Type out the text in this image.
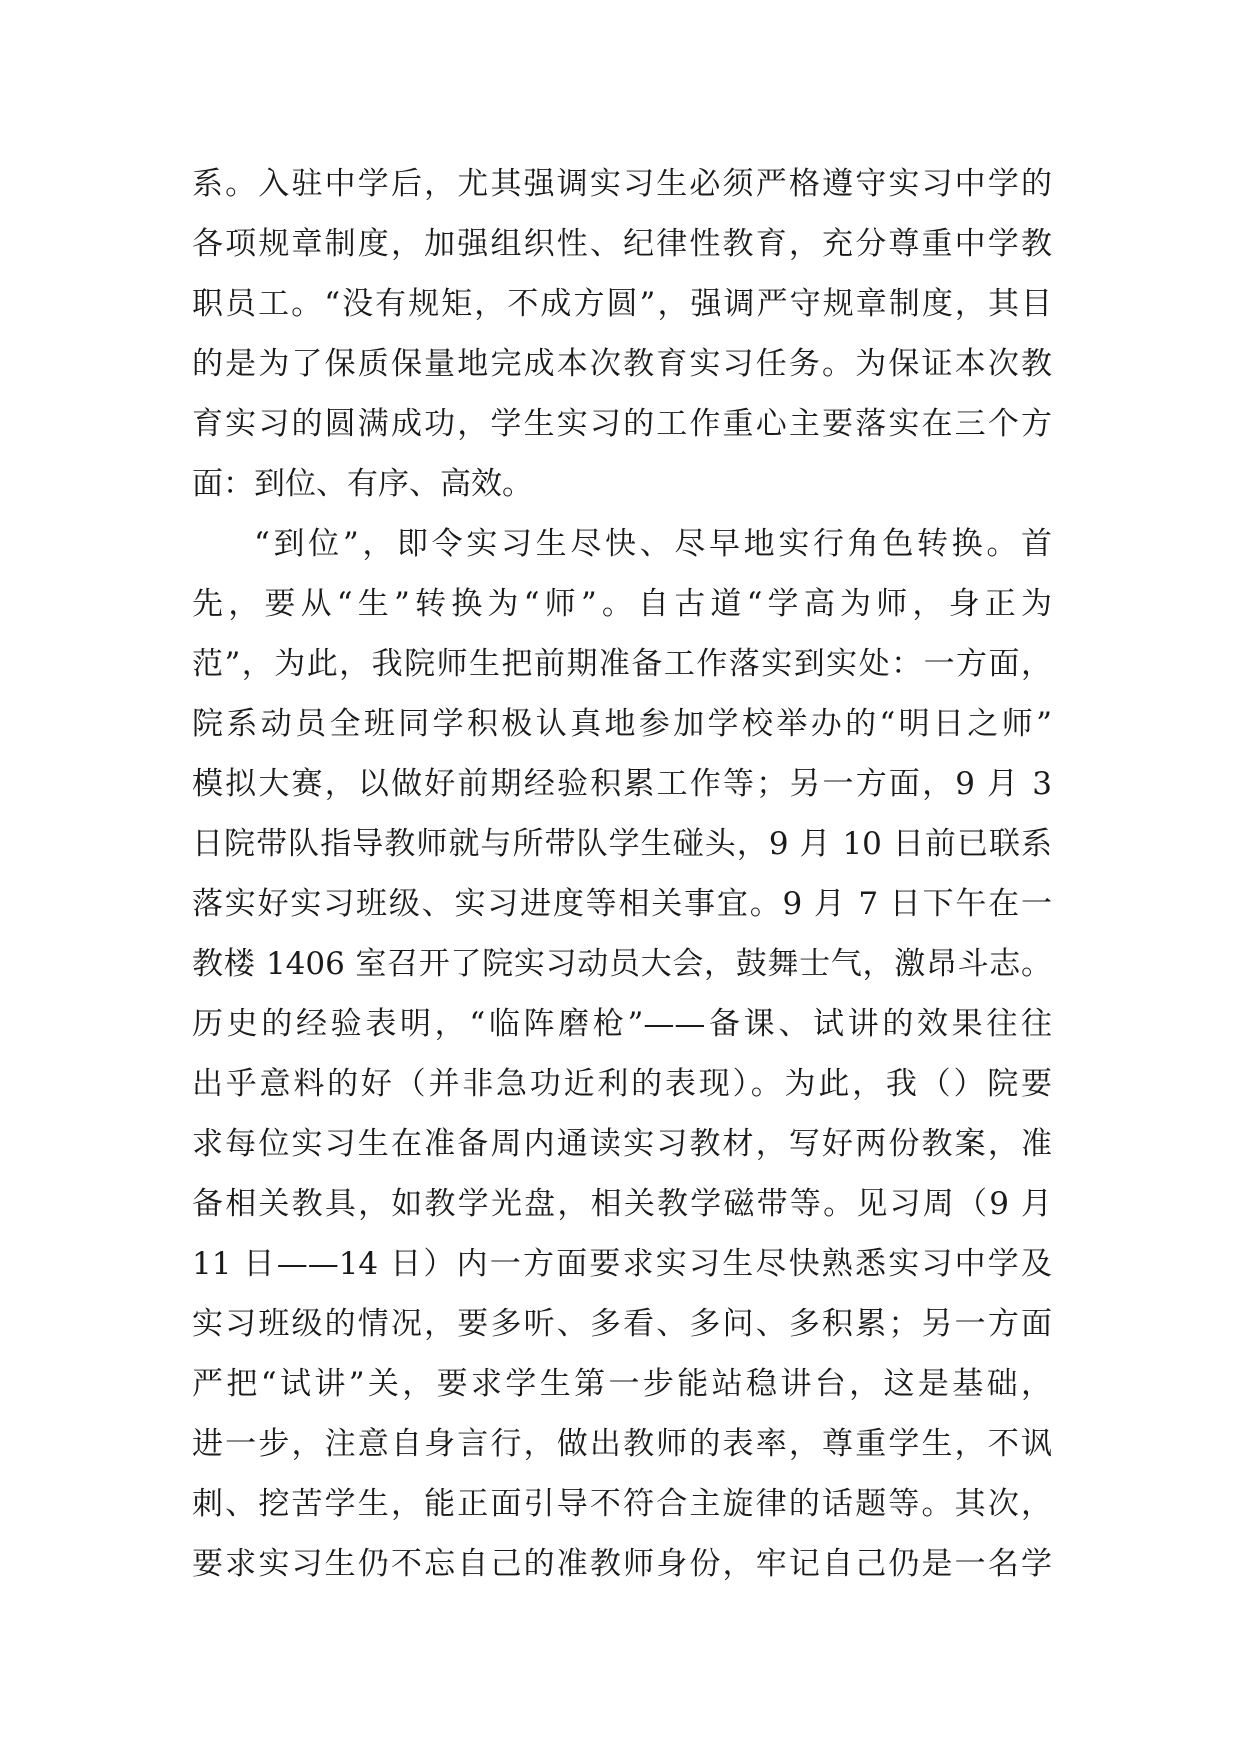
系。入驻中学后，尤其强调实习生必须严格遵守实习中学的
各项规章制度，加强组织性、纪律性教育，充分尊重中学教
职员工。“没有规矩，不成方圆”，强调严守规章制度，其目
的是为了保质保量地完成本次教育实习任务。为保证本次教
育实习的圆满成功，学生实习的工作重心主要落实在三个方
面：到位、有序、高效。
“到位”，即令实习生尽快、尽早地实行角色转换。首
先，要从“生”转换为“师”。自古道“学高为师，身正为
范”，为此，我院师生把前期准备工作落实到实处：一方面，
院系动员全班同学积极认真地参加学校举办的“明日之师”
模拟大赛，以做好前期经验积累工作等；另一方面，9 月 3
日院带队指导教师就与所带队学生碰头，9 月 10 日前已联系
落实好实习班级、实习进度等相关事宜。9 月 7 日下午在一
教楼 1406 室召开了院实习动员大会，鼓舞士气，激昂斗志。
历史的经验表明，“临阵磨枪”——备课、试讲的效果往往
出乎意料的好（并非急功近利的表现）。为此，我（）院要
求每位实习生在准备周内通读实习教材，写好两份教案，准
备相关教具，如教学光盘，相关教学磁带等。见习周（9 月
11 日——14 日）内一方面要求实习生尽快熟悉实习中学及
实习班级的情况，要多听、多看、多问、多积累；另一方面
严把“试讲”关，要求学生第一步能站稳讲台，这是基础，
进一步，注意自身言行，做出教师的表率，尊重学生，不讽
刺、挖苦学生，能正面引导不符合主旋律的话题等。其次，
要求实习生仍不忘自己的准教师身份，牢记自己仍是一名学
